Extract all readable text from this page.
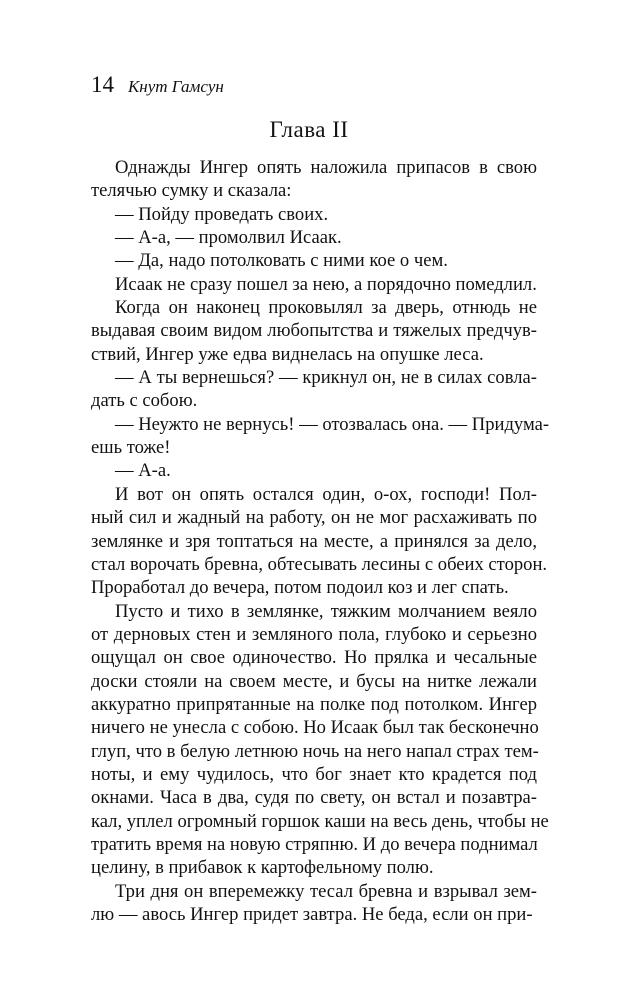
14 Кнут Гамсун
Глава II
Однажды Ингер опять наложила припасов в свою
телячью сумку и сказала:
— Пойду проведать своих.
— А-а, — промолвил Исаак.
— Да, надо потолковать с ними кое о чем.
Исаак не сразу пошел за нею, а порядочно помедлил.
Когда он наконец проковылял за дверь, отнюдь не
выдавая своим видом любопытства и тяжелых предчув-
ствий, Ингер уже едва виднелась на опушке леса.
— А ты вернешься? — крикнул он, не в силах совла-
дать с собою.
— Неужто не вернусь! — отозвалась она. — Придума-
ешь тоже!
— А-а.
И вот он опять остался один, о-ох, господи! Пол-
ный сил и жадный на работу, он не мог расхаживать по
землянке и зря топтаться на месте, а принялся за дело,
стал ворочать бревна, обтесывать лесины с обеих сторон.
Проработал до вечера, потом подоил коз и лег спать.
Пусто и тихо в землянке, тяжким молчанием веяло
от дерновых стен и земляного пола, глубоко и серьезно
ощущал он свое одиночество. Но прялка и чесальные
доски стояли на своем месте, и бусы на нитке лежали
аккуратно припрятанные на полке под потолком. Ингер
ничего не унесла с собою. Но Исаак был так бесконечно
глуп, что в белую летнюю ночь на него напал страх тем-
ноты, и ему чудилось, что бог знает кто крадется под
окнами. Часа в два, судя по свету, он встал и позавтра-
кал, уплел огромный горшок каши на весь день, чтобы не
тратить время на новую стряпню. И до вечера поднимал
целину, в прибавок к картофельному полю.
Три дня он вперемежку тесал бревна и взрывал зем-
лю — авось Ингер придет завтра. Не беда, если он при-
